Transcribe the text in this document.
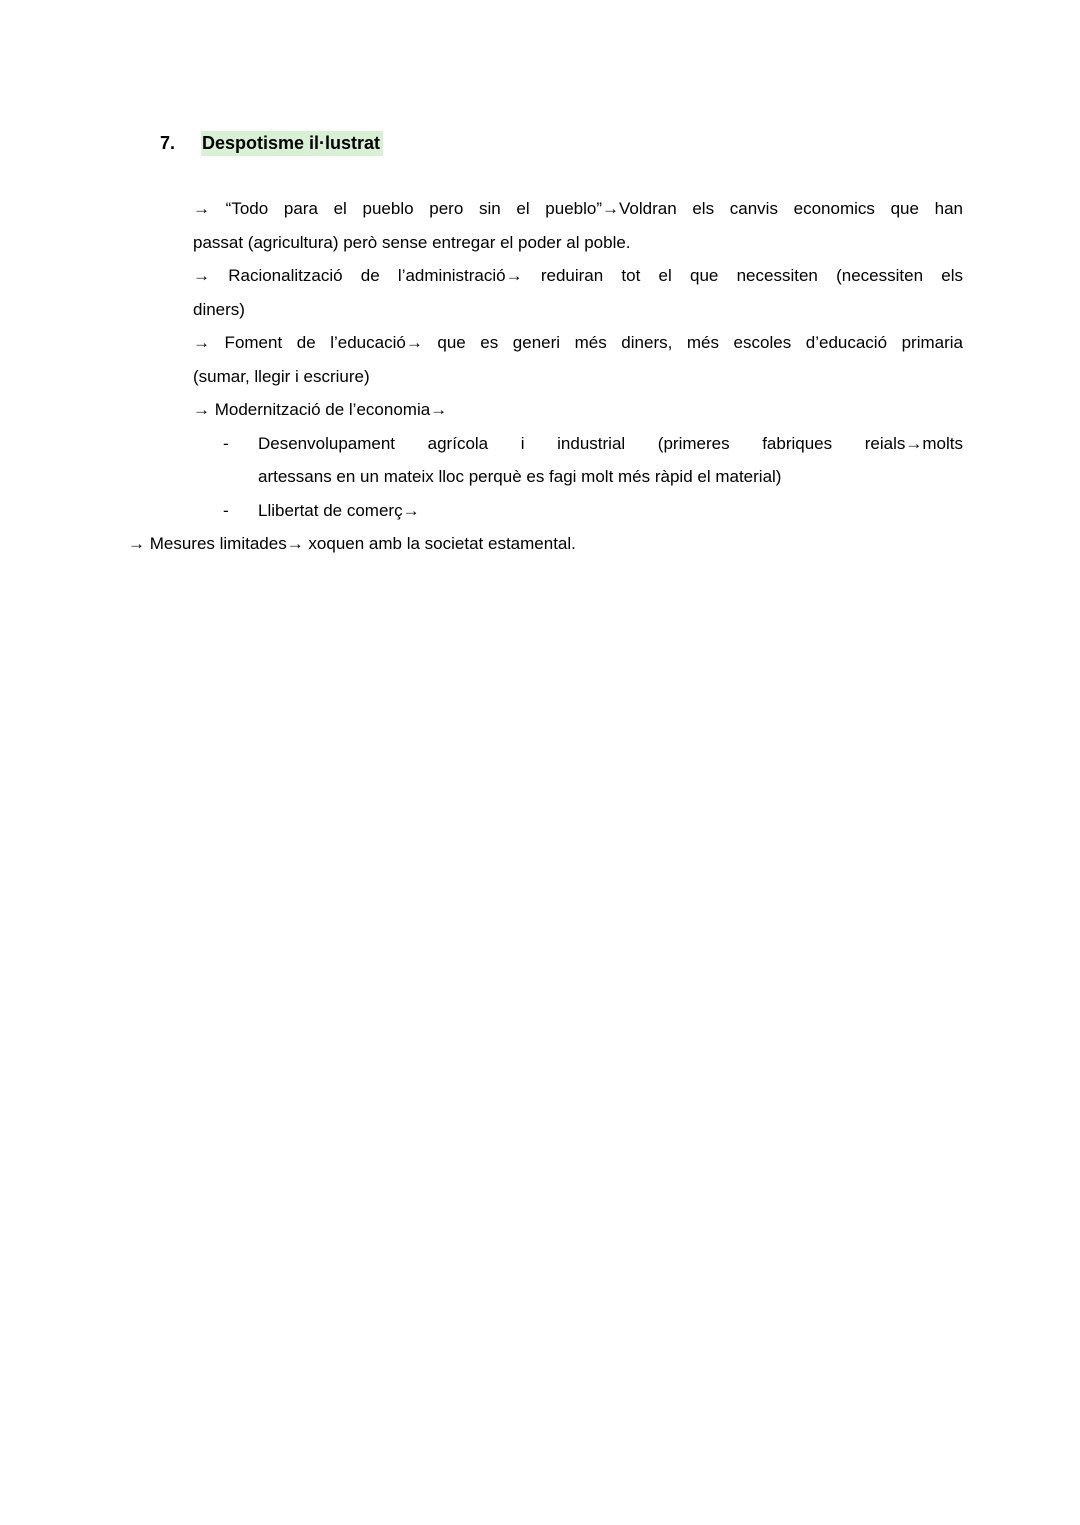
7. Despotisme il·lustrat

→ “Todo para el pueblo pero sin el pueblo”→Voldran els canvis economics que han
passat (agricultura) però sense entregar el poder al poble.

→ Racionalització de l’administració→ reduiran tot el que necessiten (necessiten els
diners)

→ Foment de l’educació→ que es generi més diners, més escoles d’educació primaria
(sumar, llegir i escriure)

→ Modernització de l’economia→

- Desenvolupament agrícola i industrial (primeres fabriques reials→molts
artessans en un mateix lloc perquè es fagi molt més ràpid el material)

- Llibertat de comerç→

→ Mesures limitades→ xoquen amb la societat estamental.
